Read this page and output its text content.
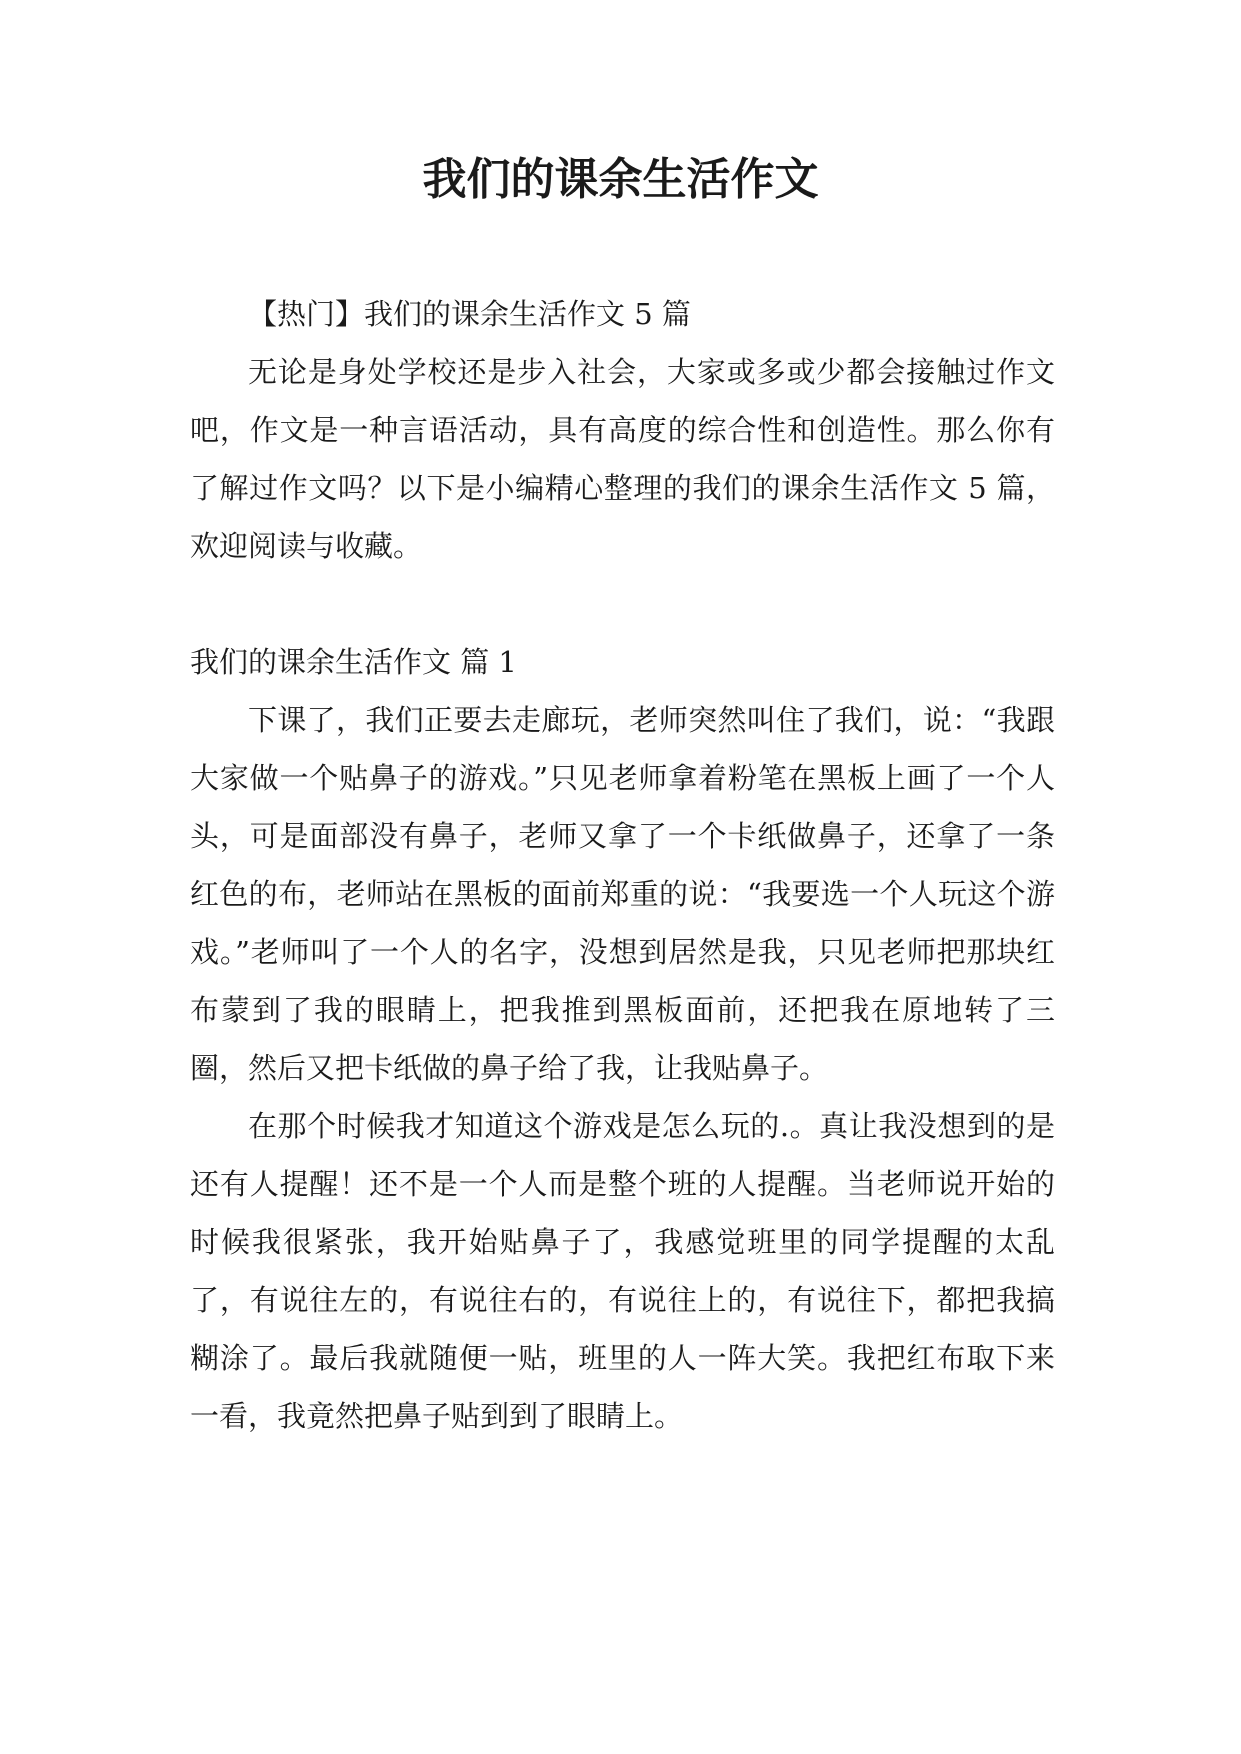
我们的课余生活作文

【热门】我们的课余生活作文 5 篇

无论是身处学校还是步入社会，大家或多或少都会接触过作文吧，作文是一种言语活动，具有高度的综合性和创造性。那么你有了解过作文吗？以下是小编精心整理的我们的课余生活作文 5 篇，欢迎阅读与收藏。

我们的课余生活作文 篇 1

下课了，我们正要去走廊玩，老师突然叫住了我们，说：“我跟大家做一个贴鼻子的游戏。”只见老师拿着粉笔在黑板上画了一个人头，可是面部没有鼻子，老师又拿了一个卡纸做鼻子，还拿了一条红色的布，老师站在黑板的面前郑重的说：“我要选一个人玩这个游戏。”老师叫了一个人的名字，没想到居然是我，只见老师把那块红布蒙到了我的眼睛上，把我推到黑板面前，还把我在原地转了三圈，然后又把卡纸做的鼻子给了我，让我贴鼻子。

在那个时候我才知道这个游戏是怎么玩的.。真让我没想到的是还有人提醒！还不是一个人而是整个班的人提醒。当老师说开始的时候我很紧张，我开始贴鼻子了，我感觉班里的同学提醒的太乱了，有说往左的，有说往右的，有说往上的，有说往下，都把我搞糊涂了。最后我就随便一贴，班里的人一阵大笑。我把红布取下来一看，我竟然把鼻子贴到到了眼睛上。
